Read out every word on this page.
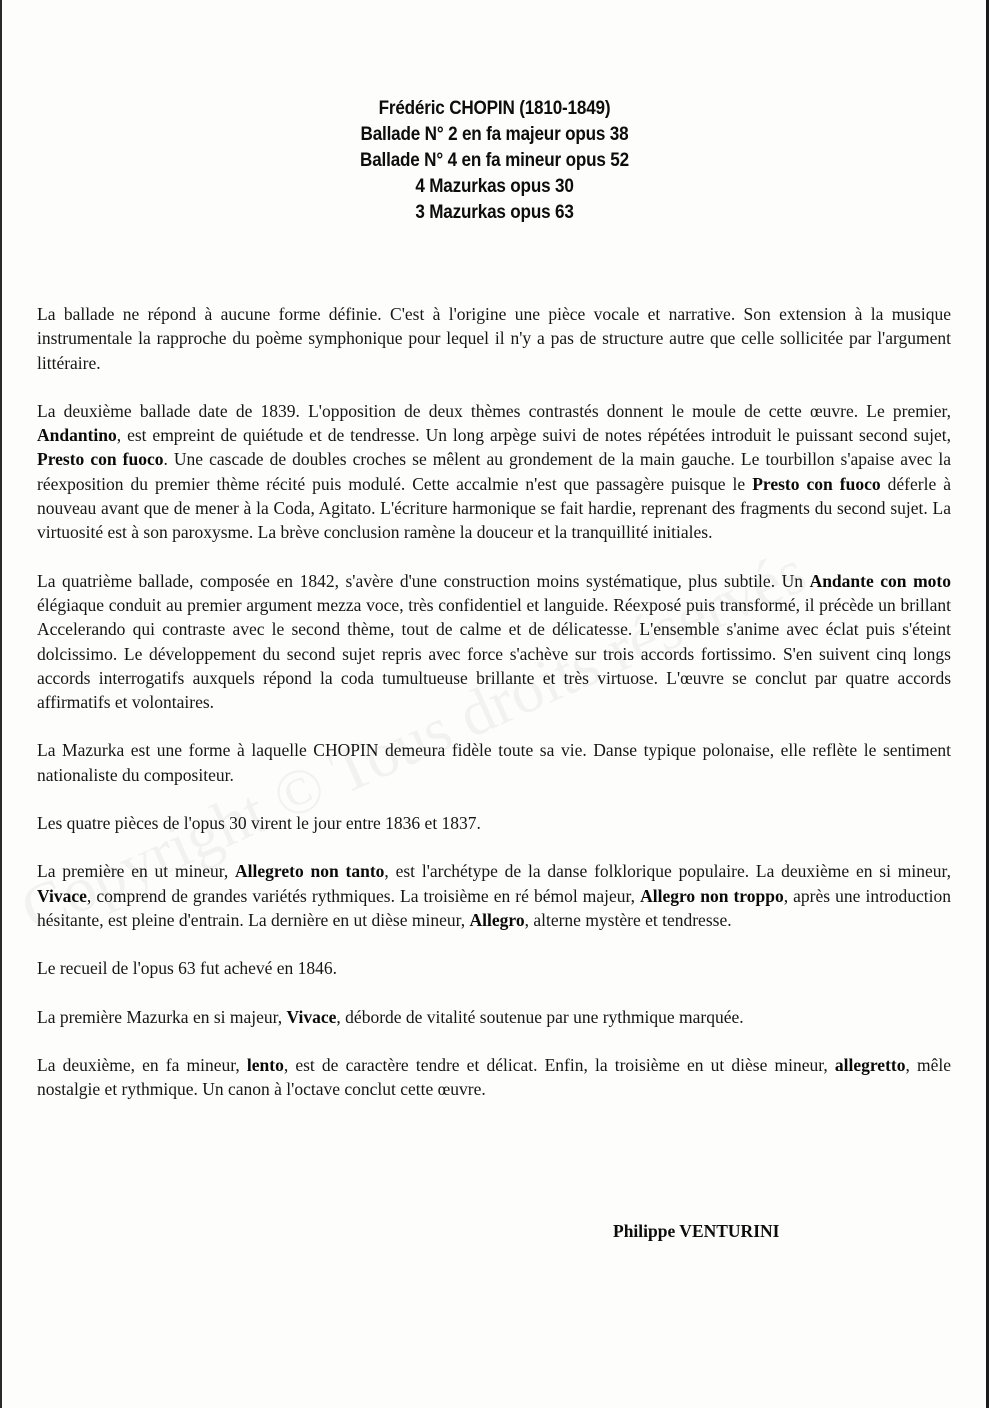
Frédéric CHOPIN (1810-1849)
Ballade N° 2 en fa majeur opus 38
Ballade N° 4 en fa mineur opus 52
4 Mazurkas opus 30
3 Mazurkas opus 63

La ballade ne répond à aucune forme définie. C'est à l'origine une pièce vocale et narrative. Son extension à la musique instrumentale la rapproche du poème symphonique pour lequel il n'y a pas de structure autre que celle sollicitée par l'argument littéraire.

La deuxième ballade date de 1839. L'opposition de deux thèmes contrastés donnent le moule de cette œuvre. Le premier, Andantino, est empreint de quiétude et de tendresse. Un long arpège suivi de notes répétées introduit le puissant second sujet, Presto con fuoco. Une cascade de doubles croches se mêlent au grondement de la main gauche. Le tourbillon s'apaise avec la réexposition du premier thème récité puis modulé. Cette accalmie n'est que passagère puisque le Presto con fuoco déferle à nouveau avant que de mener à la Coda, Agitato. L'écriture harmonique se fait hardie, reprenant des fragments du second sujet. La virtuosité est à son paroxysme. La brève conclusion ramène la douceur et la tranquillité initiales.

La quatrième ballade, composée en 1842, s'avère d'une construction moins systématique, plus subtile. Un Andante con moto élégiaque conduit au premier argument mezza voce, très confidentiel et languide. Réexposé puis transformé, il précède un brillant Accelerando qui contraste avec le second thème, tout de calme et de délicatesse. L'ensemble s'anime avec éclat puis s'éteint dolcissimo. Le développement du second sujet repris avec force s'achève sur trois accords fortissimo. S'en suivent cinq longs accords interrogatifs auxquels répond la coda tumultueuse brillante et très virtuose. L'œuvre se conclut par quatre accords affirmatifs et volontaires.

La Mazurka est une forme à laquelle CHOPIN demeura fidèle toute sa vie. Danse typique polonaise, elle reflète le sentiment nationaliste du compositeur.

Les quatre pièces de l'opus 30 virent le jour entre 1836 et 1837.

La première en ut mineur, Allegreto non tanto, est l'archétype de la danse folklorique populaire. La deuxième en si mineur, Vivace, comprend de grandes variétés rythmiques. La troisième en ré bémol majeur, Allegro non troppo, après une introduction hésitante, est pleine d'entrain. La dernière en ut dièse mineur, Allegro, alterne mystère et tendresse.

Le recueil de l'opus 63 fut achevé en 1846.

La première Mazurka en si majeur, Vivace, déborde de vitalité soutenue par une rythmique marquée.

La deuxième, en fa mineur, lento, est de caractère tendre et délicat. Enfin, la troisième en ut dièse mineur, allegretto, mêle nostalgie et rythmique. Un canon à l'octave conclut cette œuvre.

Philippe VENTURINI
